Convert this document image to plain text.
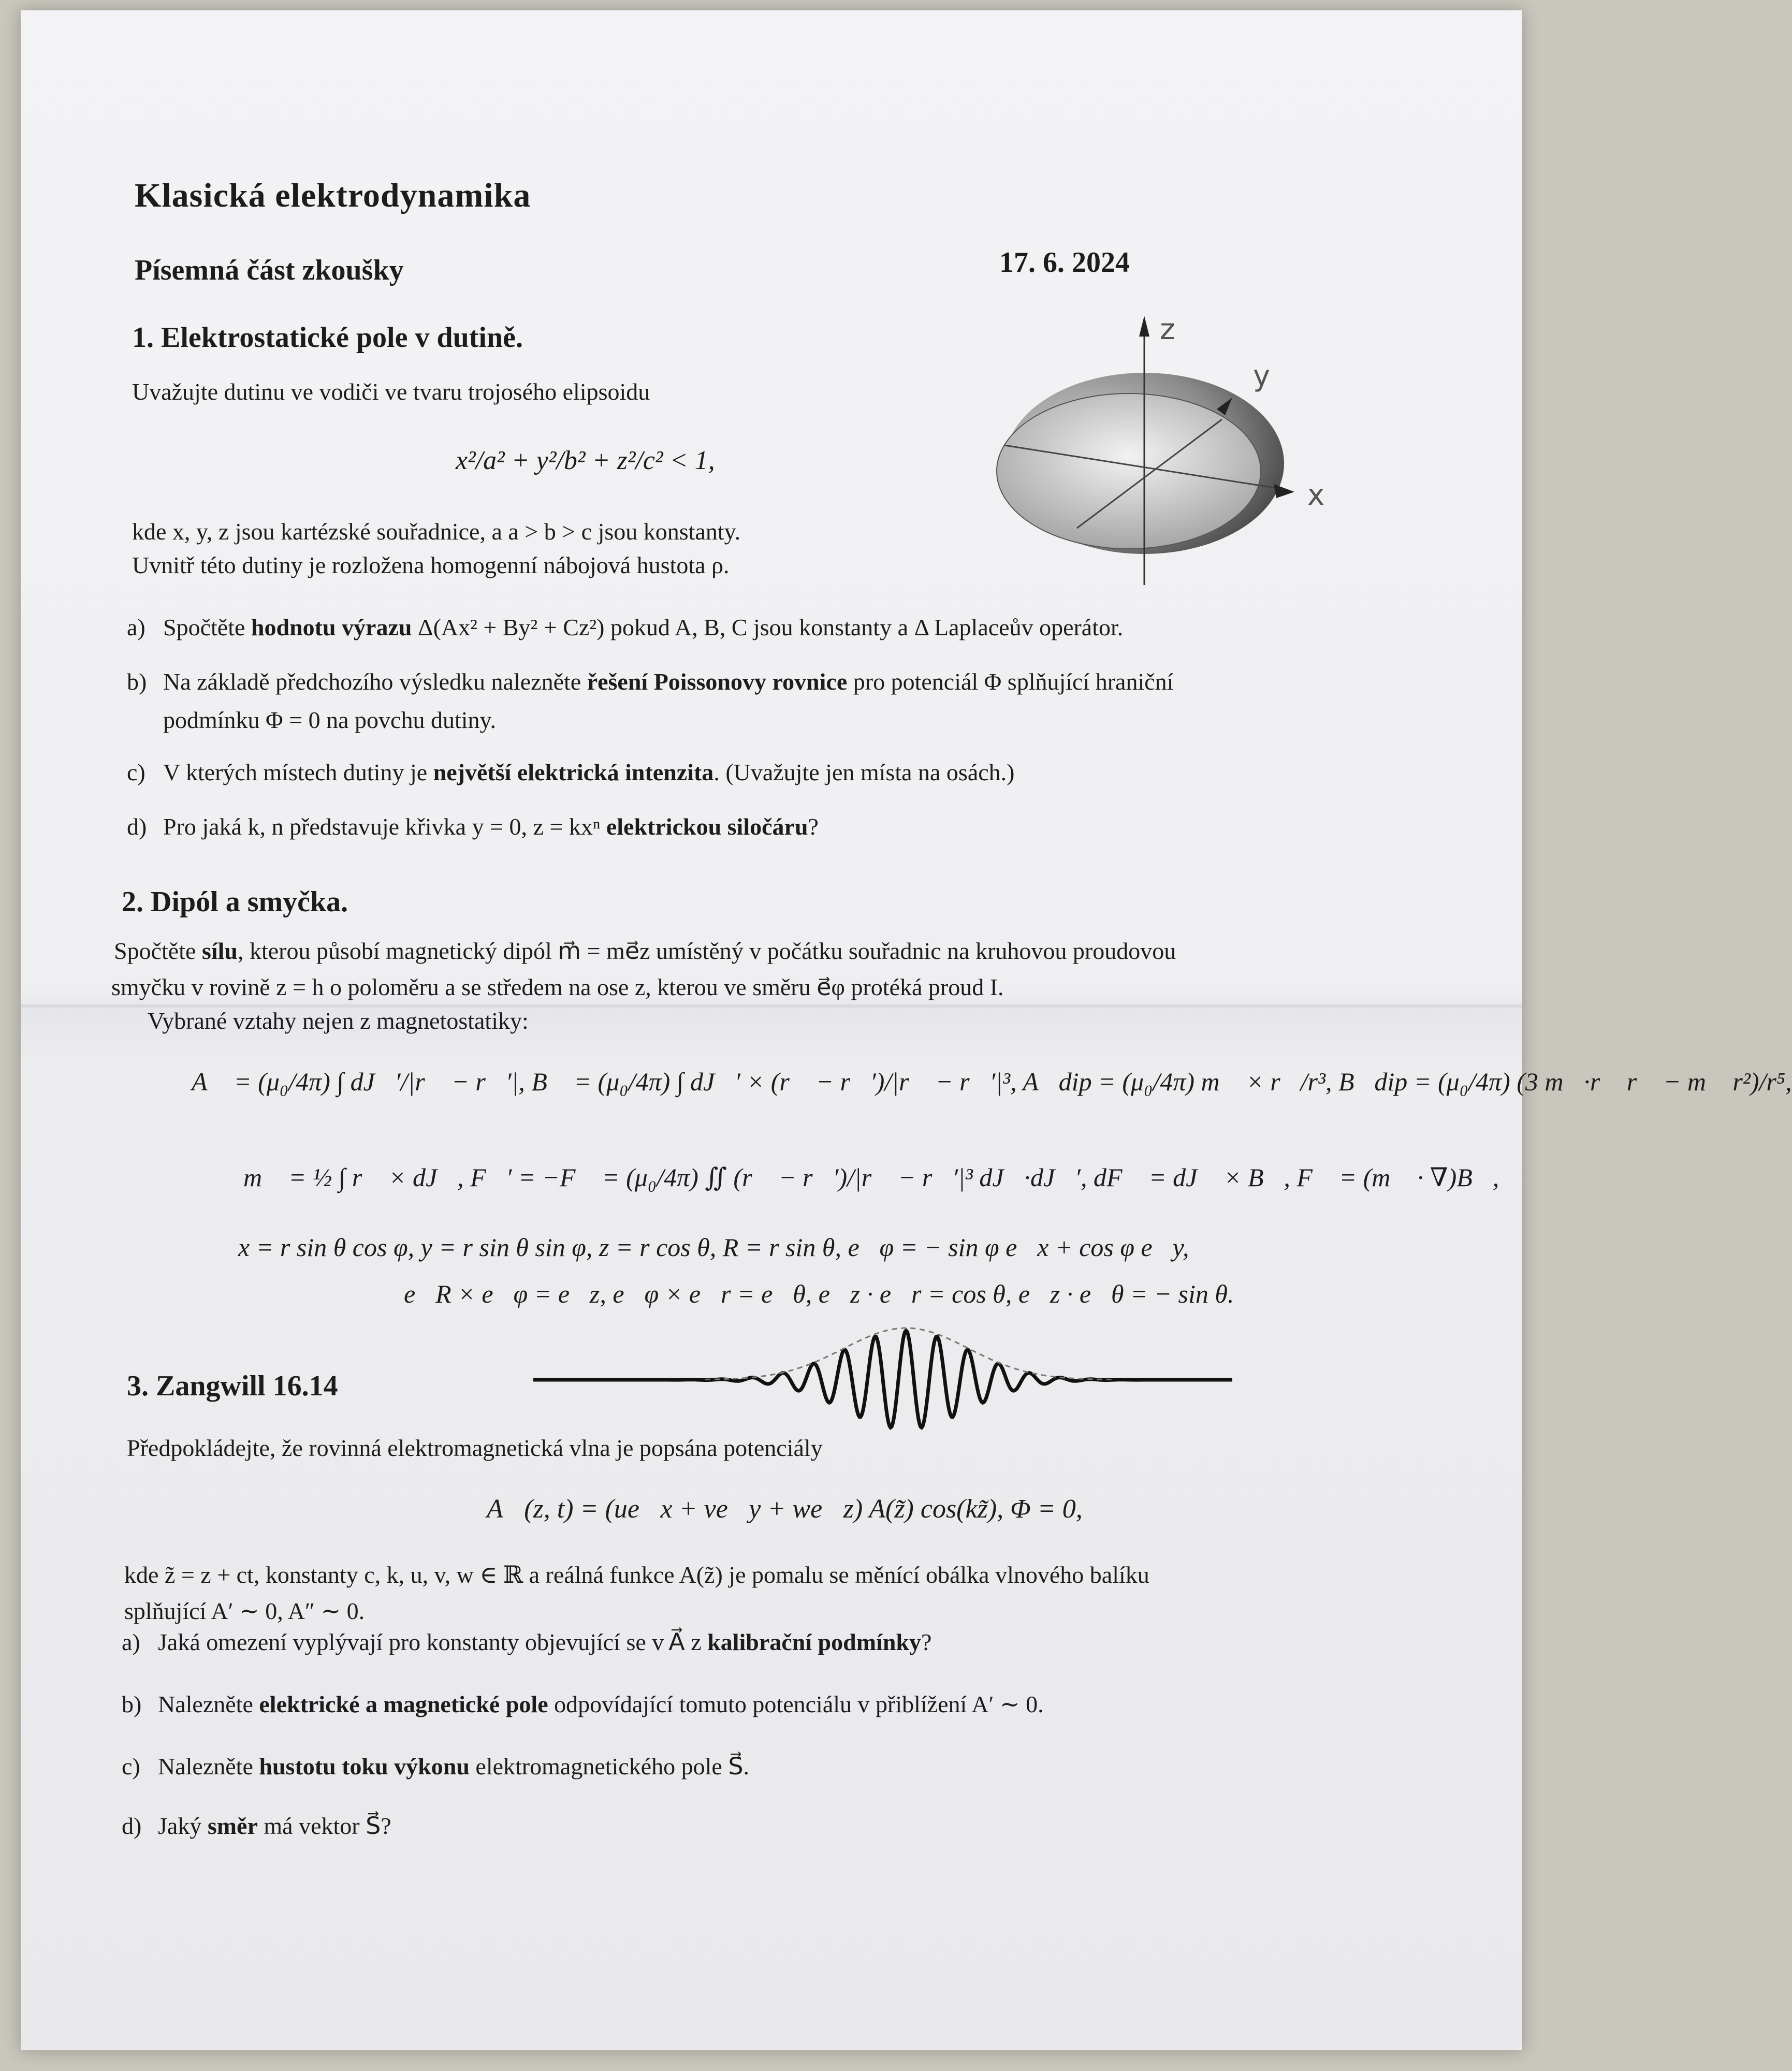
Klasická elektrodynamika
Písemná část zkoušky	17. 6. 2024
1. Elektrostatické pole v dutině.
Uvažujte dutinu ve vodiči ve tvaru trojosého elipsoidu
x²/a² + y²/b² + z²/c² < 1,
kde x, y, z jsou kartézské souřadnice, a a > b > c jsou konstanty.
Uvnitř této dutiny je rozložena homogenní nábojová hustota ρ.
z
y
x
a) Spočtěte hodnotu výrazu Δ(Ax² + By² + Cz²) pokud A, B, C jsou konstanty a Δ Laplaceův operátor.
b) Na základě předchozího výsledku nalezněte řešení Poissonovy rovnice pro potenciál Φ splňující hraniční
podmínku Φ = 0 na povchu dutiny.
c) V kterých místech dutiny je největší elektrická intenzita. (Uvažujte jen místa na osách.)
d) Pro jaká k, n představuje křivka y = 0, z = kxⁿ elektrickou siločáru?
2. Dipól a smyčka.
Spočtěte sílu, kterou působí magnetický dipól m⃗ = me⃗z umístěný v počátku souřadnic na kruhovou proudovou
smyčku v rovině z = h o poloměru a se středem na ose z, kterou ve směru e⃗φ protéká proud I.
Vybrané vztahy nejen z magnetostatiky:
A⃗ = (μ₀/4π) ∫ dJ⃗′/|r⃗ − r⃗′|, B⃗ = (μ₀/4π) ∫ dJ⃗′ × (r⃗ − r⃗′)/|r⃗ − r⃗′|³, A⃗dip = (μ₀/4π) m⃗ × r⃗/r³, B⃗dip = (μ₀/4π) (3 m⃗·r⃗ r⃗ − m⃗ r²)/r⁵,
m⃗ = ½ ∫ r⃗ × dJ⃗, F⃗′ = −F⃗ = (μ₀/4π) ∬ (r⃗ − r⃗′)/|r⃗ − r⃗′|³ dJ⃗·dJ⃗′, dF⃗ = dJ⃗ × B⃗, F⃗ = (m⃗ · ∇)B⃗,
x = r sin θ cos φ, y = r sin θ sin φ, z = r cos θ, R = r sin θ, e⃗φ = − sin φ e⃗x + cos φ e⃗y,
e⃗R × e⃗φ = e⃗z, e⃗φ × e⃗r = e⃗θ, e⃗z · e⃗r = cos θ, e⃗z · e⃗θ = − sin θ.
3. Zangwill 16.14
Předpokládejte, že rovinná elektromagnetická vlna je popsána potenciály
A⃗(z, t) = (ue⃗x + ve⃗y + we⃗z) A(z̃) cos(kz̃), Φ = 0,
kde z̃ = z + ct, konstanty c, k, u, v, w ∈ ℝ a reálná funkce A(z̃) je pomalu se měnící obálka vlnového balíku
splňující A′ ∼ 0, A″ ∼ 0.
a) Jaká omezení vyplývají pro konstanty objevující se v A⃗ z kalibrační podmínky?
b) Nalezněte elektrické a magnetické pole odpovídající tomuto potenciálu v přiblížení A′ ∼ 0.
c) Nalezněte hustotu toku výkonu elektromagnetického pole S⃗.
d) Jaký směr má vektor S⃗?
